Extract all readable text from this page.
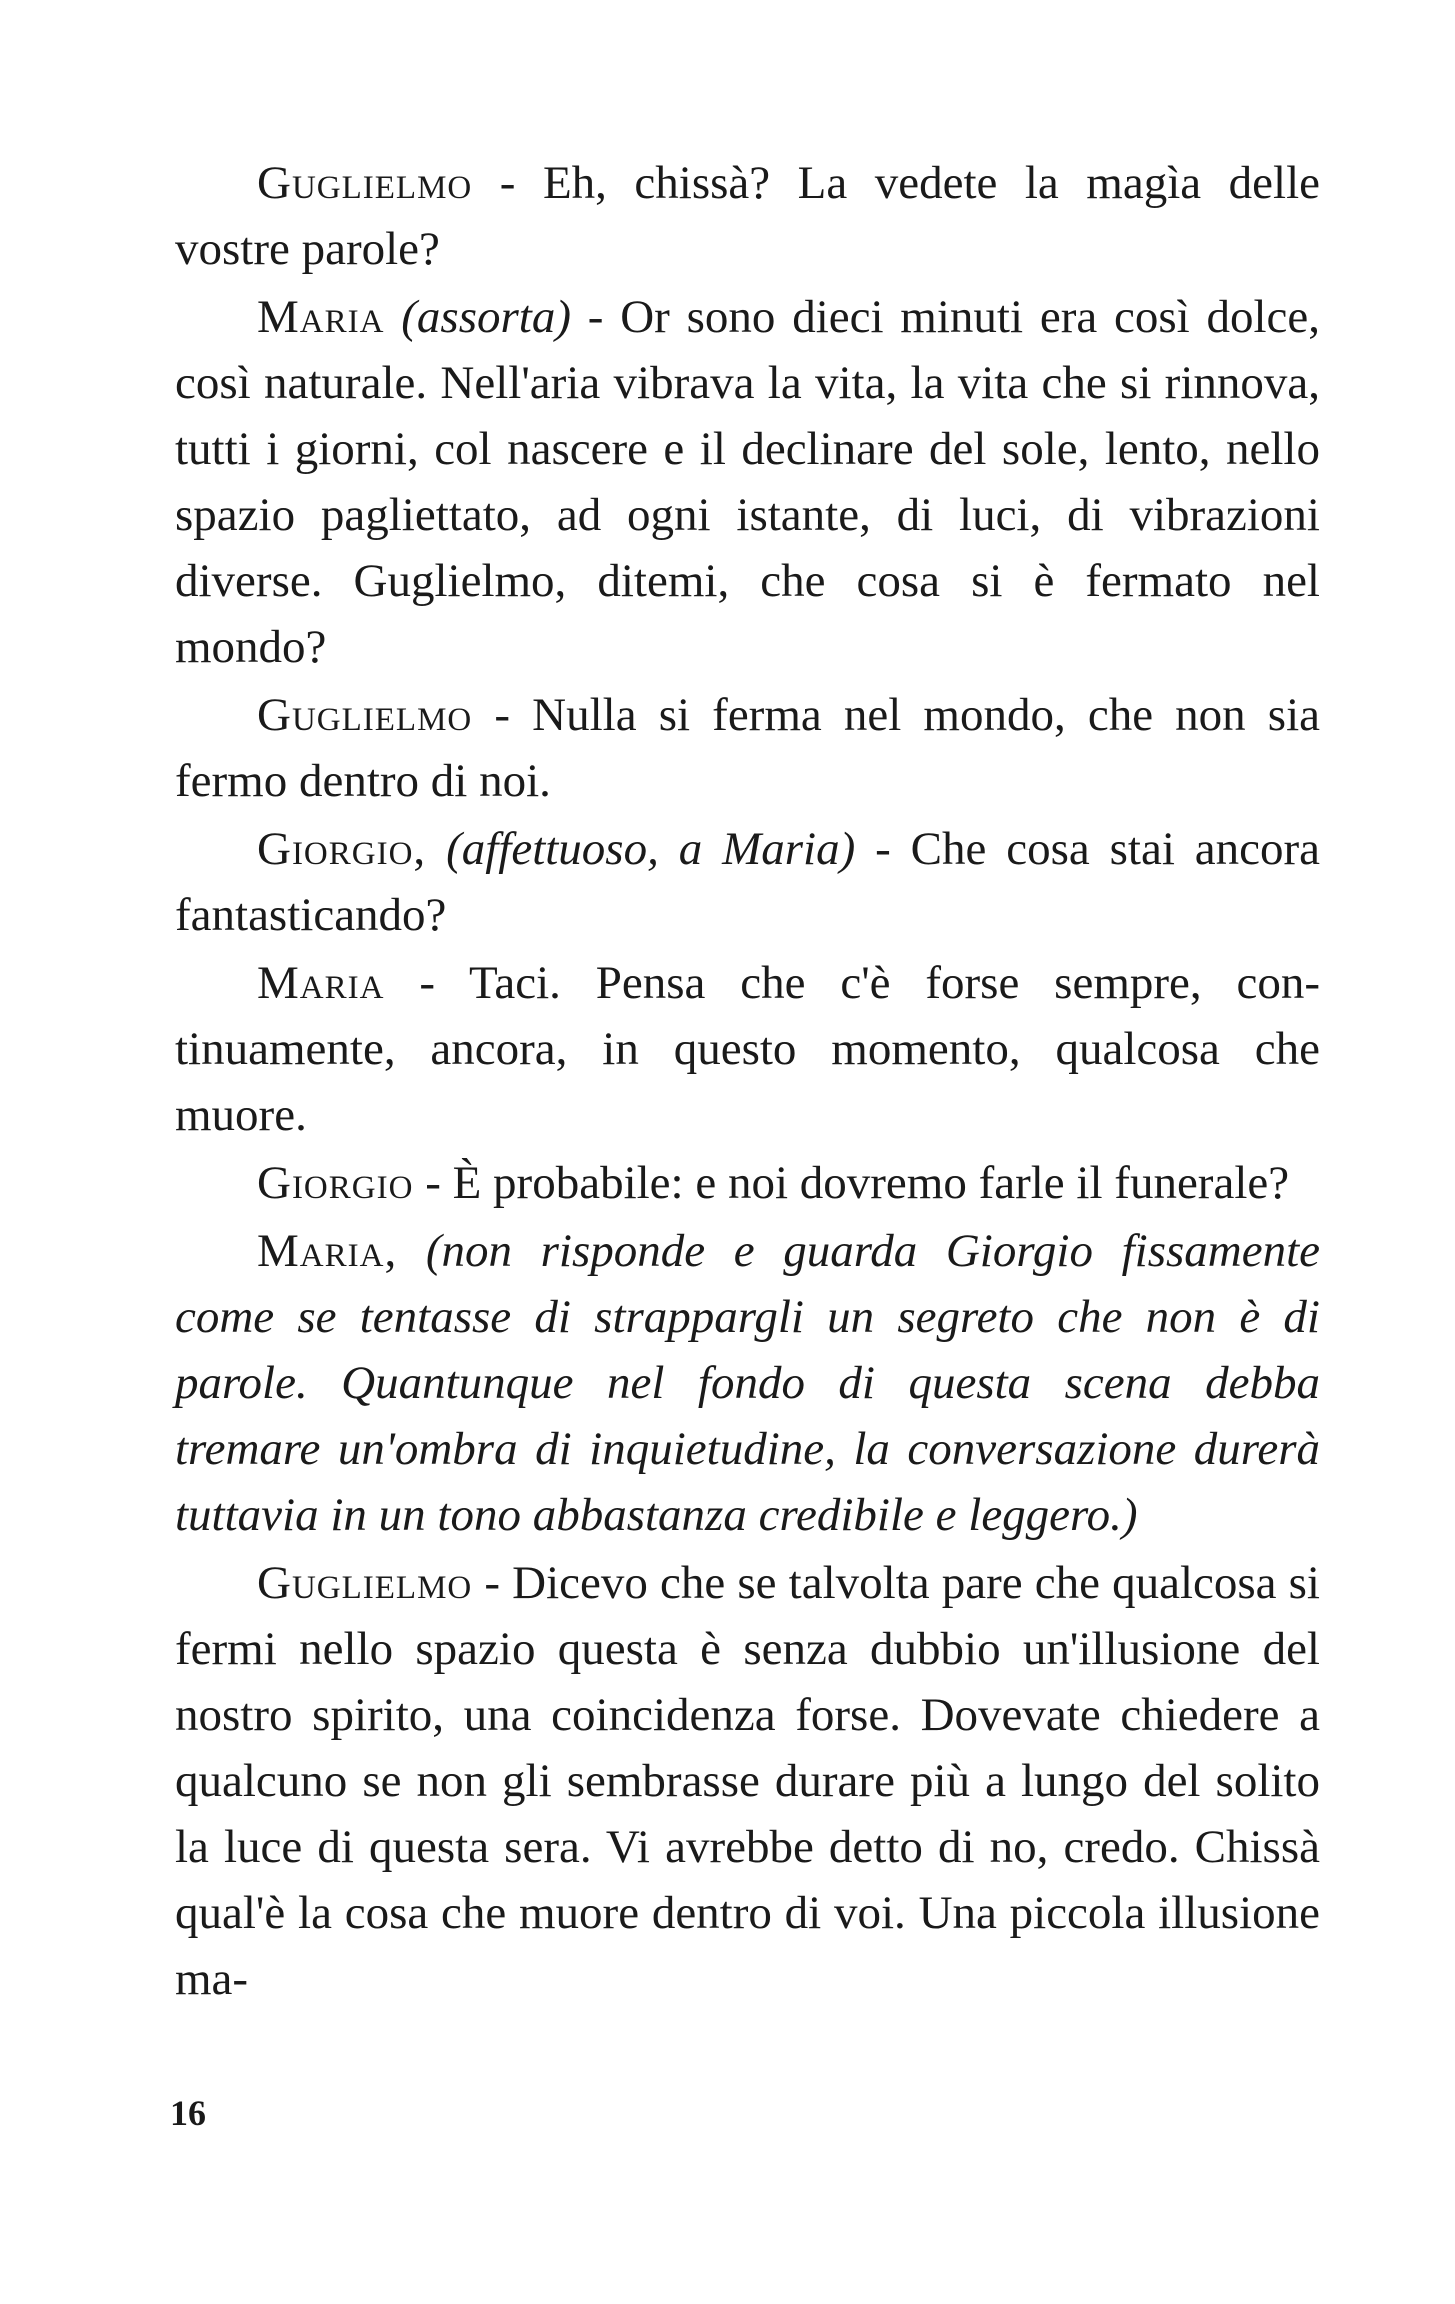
Guglielmo - Eh, chissà? La vedete la magìa delle vostre parole?

Maria (assorta) - Or sono dieci minuti era così dolce, così naturale. Nell'aria vibrava la vita, la vita che si rinnova, tutti i giorni, col nascere e il declinare del sole, lento, nello spazio pagliettato, ad ogni istante, di luci, di vibrazioni diverse. Guglielmo, ditemi, che cosa si è fermato nel mondo?

Guglielmo - Nulla si ferma nel mondo, che non sia fermo dentro di noi.

Giorgio, (affettuoso, a Maria) - Che cosa stai ancora fantasticando?

Maria - Taci. Pensa che c'è forse sempre, continuamente, ancora, in questo momento, qualcosa che muore.

Giorgio - È probabile: e noi dovremo farle il funerale?

Maria, (non risponde e guarda Giorgio fissamente come se tentasse di strappargli un segreto che non è di parole. Quantunque nel fondo di questa scena debba tremare un'ombra di inquietudine, la conversazione durerà tuttavia in un tono abbastanza credibile e leggero.)

Guglielmo - Dicevo che se talvolta pare che qualcosa si fermi nello spazio questa è senza dubbio un'illusione del nostro spirito, una coincidenza forse. Dovevate chiedere a qualcuno se non gli sembrasse durare più a lungo del solito la luce di questa sera. Vi avrebbe detto di no, credo. Chissà qual'è la cosa che muore dentro di voi. Una piccola illusione ma-

16
